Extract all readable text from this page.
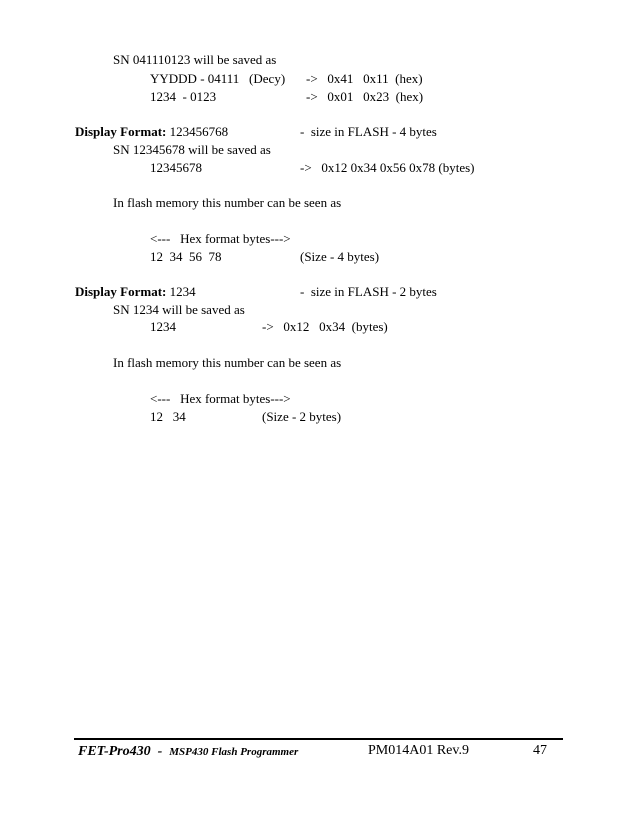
SN 041110123 will be saved as
YYDDD - 04111   (Decy) ->   0x41   0x11  (hex)
1234  - 0123	->   0x01   0x23  (hex)
Display Format: 123456768	-  size in FLASH - 4 bytes
SN 12345678 will be saved as
12345678	->   0x12 0x34 0x56 0x78 (bytes)
In flash memory this number can be seen as
<---   Hex format bytes--->
12  34  56  78	(Size - 4 bytes)
Display Format: 1234	-  size in FLASH - 2 bytes
SN 1234 will be saved as
1234	->   0x12   0x34  (bytes)
In flash memory this number can be seen as
<---   Hex format bytes--->
12   34	(Size - 2 bytes)
FET-Pro430  -  MSP430 Flash Programmer	PM014A01 Rev.9	47
